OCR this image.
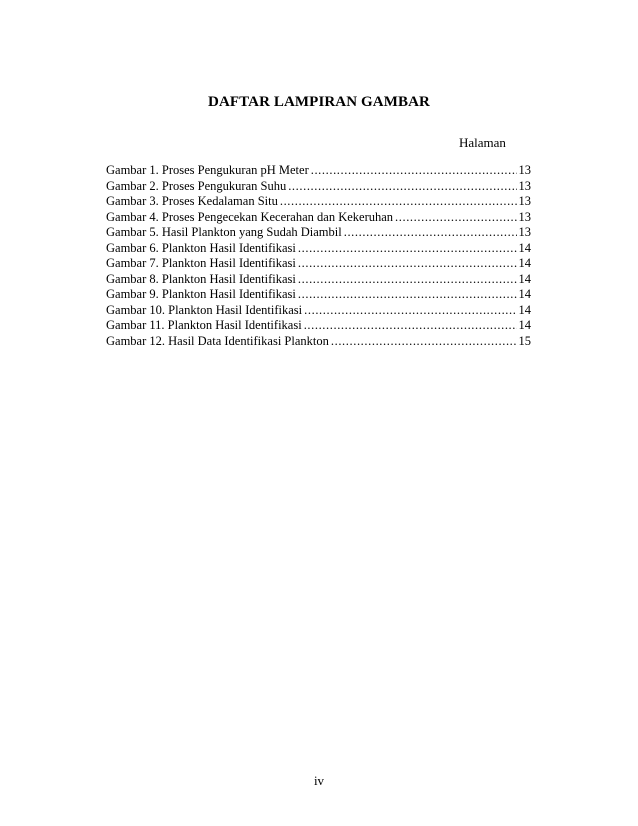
DAFTAR LAMPIRAN GAMBAR
Halaman
Gambar 1. Proses Pengukuran pH Meter .....	13
Gambar 2. Proses Pengukuran Suhu .....	13
Gambar 3. Proses Kedalaman Situ .....	13
Gambar 4. Proses Pengecekan Kecerahan dan Kekeruhan .....	13
Gambar 5. Hasil Plankton yang Sudah Diambil .....	13
Gambar 6. Plankton Hasil Identifikasi .....	14
Gambar 7. Plankton Hasil Identifikasi .....	14
Gambar 8. Plankton Hasil Identifikasi .....	14
Gambar 9. Plankton Hasil Identifikasi .....	14
Gambar 10. Plankton Hasil Identifikasi .....	14
Gambar 11. Plankton Hasil Identifikasi .....	14
Gambar 12. Hasil Data Identifikasi Plankton .....	15
iv
